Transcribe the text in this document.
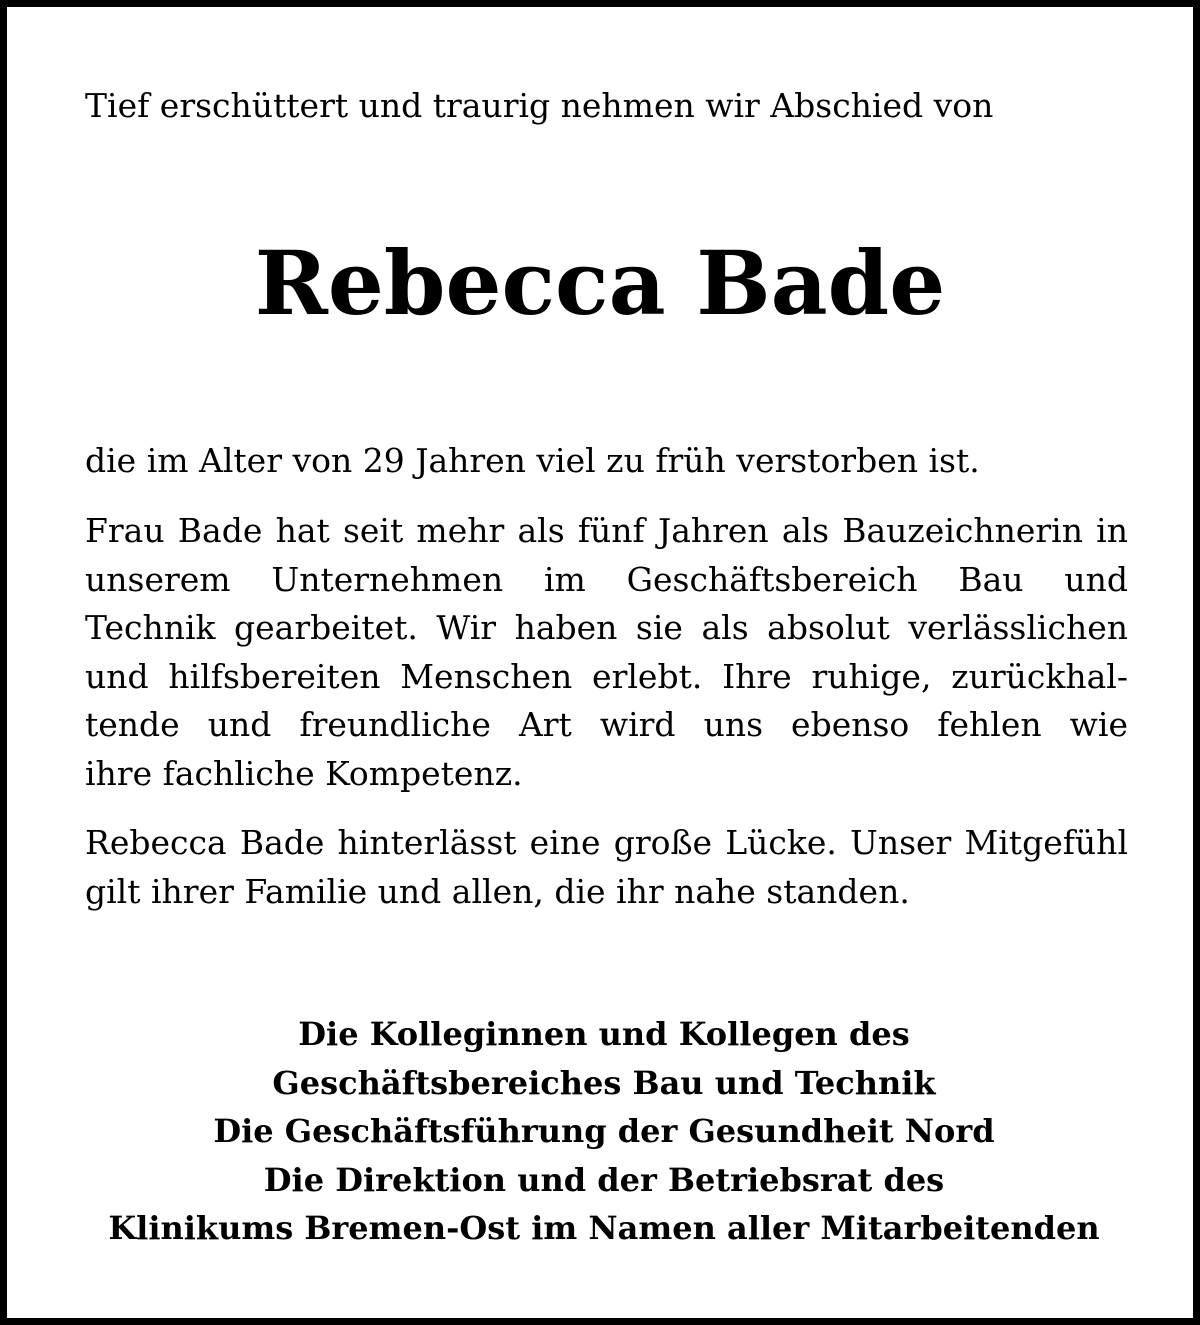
Tief erschüttert und traurig nehmen wir Abschied von
Rebecca Bade
die im Alter von 29 Jahren viel zu früh verstorben ist.

Frau Bade hat seit mehr als fünf Jahren als Bauzeichnerin in
unserem Unternehmen im Geschäftsbereich Bau und
Technik gearbeitet. Wir haben sie als absolut verlässlichen
und hilfsbereiten Menschen erlebt. Ihre ruhige, zurückhal-
tende und freundliche Art wird uns ebenso fehlen wie
ihre fachliche Kompetenz.

Rebecca Bade hinterlässt eine große Lücke. Unser Mitgefühl
gilt ihrer Familie und allen, die ihr nahe standen.

Die Kolleginnen und Kollegen des
Geschäftsbereiches Bau und Technik
Die Geschäftsführung der Gesundheit Nord
Die Direktion und der Betriebsrat des
Klinikums Bremen-Ost im Namen aller Mitarbeitenden
